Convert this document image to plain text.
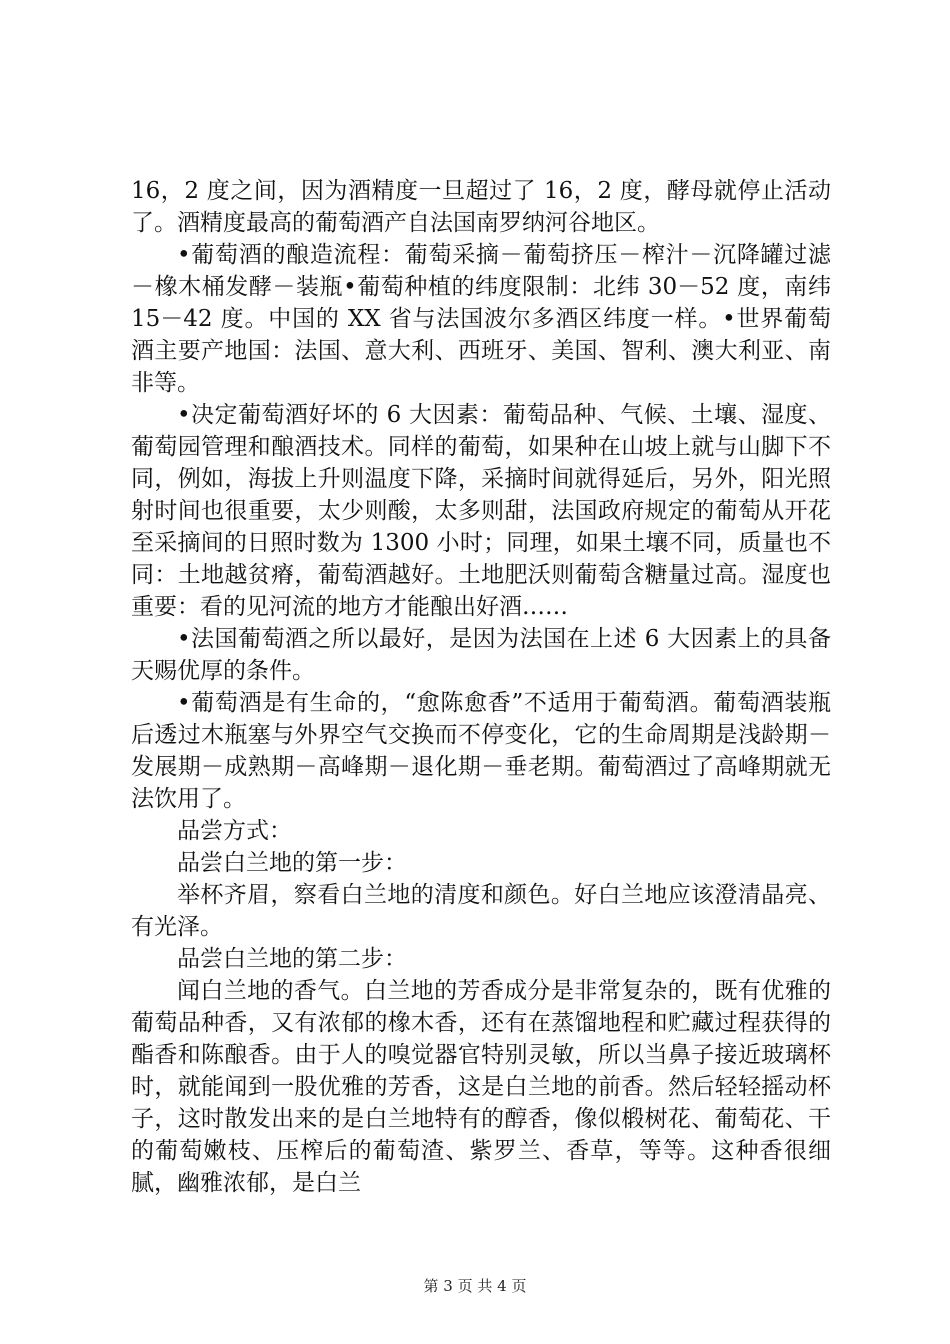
16，2 度之间，因为酒精度一旦超过了 16，2 度，酵母就停止活动了。酒精度最高的葡萄酒产自法国南罗纳河谷地区。

•葡萄酒的酿造流程：葡萄采摘－葡萄挤压－榨汁－沉降罐过滤－橡木桶发酵－装瓶•葡萄种植的纬度限制：北纬 30－52 度，南纬 15－42 度。中国的 XX 省与法国波尔多酒区纬度一样。•世界葡萄酒主要产地国：法国、意大利、西班牙、美国、智利、澳大利亚、南非等。

•决定葡萄酒好坏的 6 大因素：葡萄品种、气候、土壤、湿度、葡萄园管理和酿酒技术。同样的葡萄，如果种在山坡上就与山脚下不同，例如，海拔上升则温度下降，采摘时间就得延后，另外，阳光照射时间也很重要，太少则酸，太多则甜，法国政府规定的葡萄从开花至采摘间的日照时数为 1300 小时；同理，如果土壤不同，质量也不同：土地越贫瘠，葡萄酒越好。土地肥沃则葡萄含糖量过高。湿度也重要：看的见河流的地方才能酿出好酒……

•法国葡萄酒之所以最好，是因为法国在上述 6 大因素上的具备天赐优厚的条件。

•葡萄酒是有生命的，“愈陈愈香”不适用于葡萄酒。葡萄酒装瓶后透过木瓶塞与外界空气交换而不停变化，它的生命周期是浅龄期－发展期－成熟期－高峰期－退化期－垂老期。葡萄酒过了高峰期就无法饮用了。

品尝方式：

品尝白兰地的第一步：

举杯齐眉，察看白兰地的清度和颜色。好白兰地应该澄清晶亮、有光泽。

品尝白兰地的第二步：

闻白兰地的香气。白兰地的芳香成分是非常复杂的，既有优雅的葡萄品种香，又有浓郁的橡木香，还有在蒸馏地程和贮藏过程获得的酯香和陈酿香。由于人的嗅觉器官特别灵敏，所以当鼻子接近玻璃杯时，就能闻到一股优雅的芳香，这是白兰地的前香。然后轻轻摇动杯子，这时散发出来的是白兰地特有的醇香，像似椴树花、葡萄花、干的葡萄嫩枝、压榨后的葡萄渣、紫罗兰、香草，等等。这种香很细腻，幽雅浓郁，是白兰

第 3 页 共 4 页
